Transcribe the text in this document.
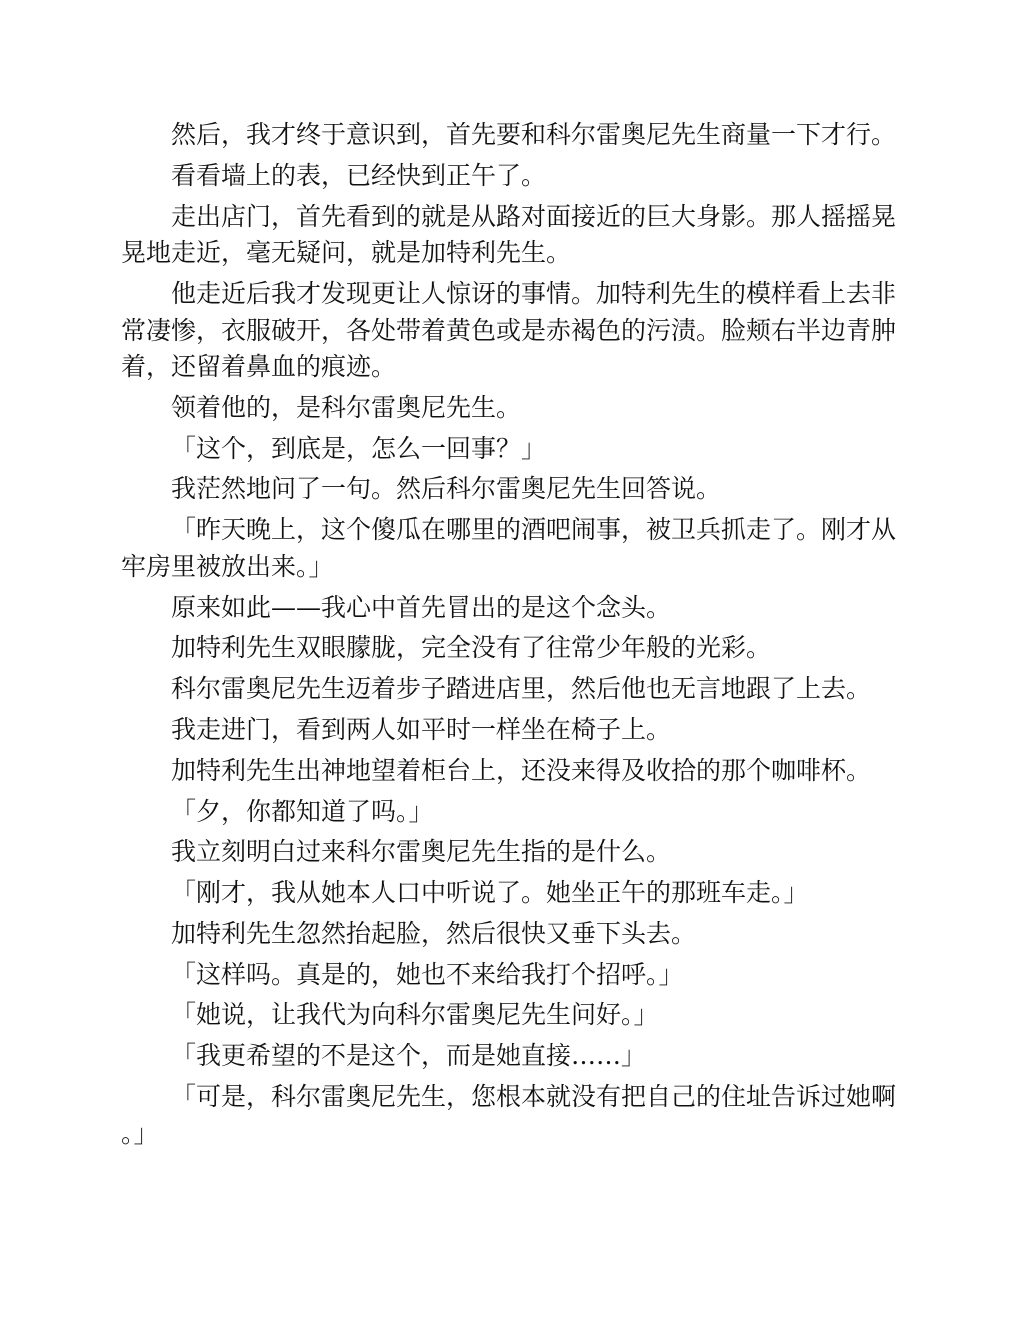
然后，我才终于意识到，首先要和科尔雷奥尼先生商量一下才行。

看看墙上的表，已经快到正午了。

走出店门，首先看到的就是从路对面接近的巨大身影。那人摇摇晃晃地走近，毫无疑问，就是加特利先生。

他走近后我才发现更让人惊讶的事情。加特利先生的模样看上去非常凄惨，衣服破开，各处带着黄色或是赤褐色的污渍。脸颊右半边青肿着，还留着鼻血的痕迹。

领着他的，是科尔雷奥尼先生。

「这个，到底是，怎么一回事？」

我茫然地问了一句。然后科尔雷奥尼先生回答说。

「昨天晚上，这个傻瓜在哪里的酒吧闹事，被卫兵抓走了。刚才从牢房里被放出来。」

原来如此——我心中首先冒出的是这个念头。

加特利先生双眼朦胧，完全没有了往常少年般的光彩。

科尔雷奥尼先生迈着步子踏进店里，然后他也无言地跟了上去。

我走进门，看到两人如平时一样坐在椅子上。

加特利先生出神地望着柜台上，还没来得及收拾的那个咖啡杯。

「夕，你都知道了吗。」

我立刻明白过来科尔雷奥尼先生指的是什么。

「刚才，我从她本人口中听说了。她坐正午的那班车走。」

加特利先生忽然抬起脸，然后很快又垂下头去。

「这样吗。真是的，她也不来给我打个招呼。」

「她说，让我代为向科尔雷奥尼先生问好。」

「我更希望的不是这个，而是她直接……」

「可是，科尔雷奥尼先生，您根本就没有把自己的住址告诉过她啊。」
